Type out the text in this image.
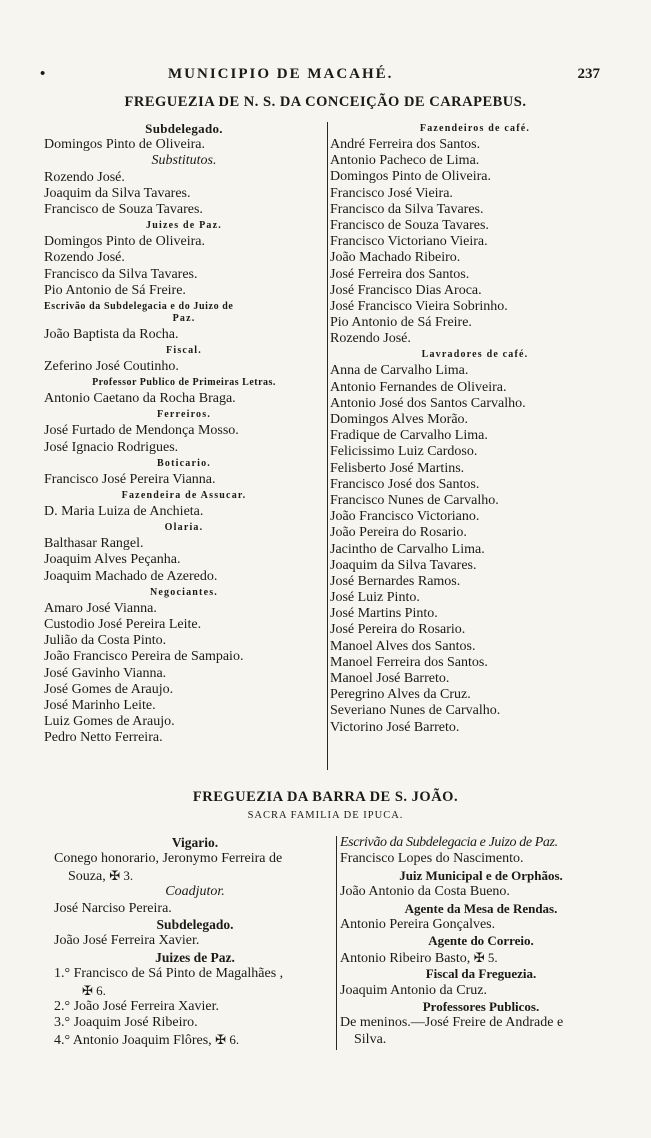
•	MUNICIPIO DE MACAHÉ.	237
FREGUEZIA DE N. S. DA CONCEIÇÃO DE CARAPEBUS.
Subdelegado.
Domingos Pinto de Oliveira.
Substitutos.
Rozendo José.
Joaquim da Silva Tavares.
Francisco de Souza Tavares.
Juizes de Paz.
Domingos Pinto de Oliveira.
Rozendo José.
Francisco da Silva Tavares.
Pio Antonio de Sá Freire.
Escrivão da Subdelegacia e do Juizo de
Paz.
João Baptista da Rocha.
Fiscal.
Zeferino José Coutinho.
Professor Publico de Primeiras Letras.
Antonio Caetano da Rocha Braga.
Ferreiros.
José Furtado de Mendonça Mosso.
José Ignacio Rodrigues.
Boticario.
Francisco José Pereira Vianna.
Fazendeira de Assucar.
D. Maria Luiza de Anchieta.
Olaria.
Balthasar Rangel.
Joaquim Alves Peçanha.
Joaquim Machado de Azeredo.
Negociantes.
Amaro José Vianna.
Custodio José Pereira Leite.
Julião da Costa Pinto.
João Francisco Pereira de Sampaio.
José Gavinho Vianna.
José Gomes de Araujo.
José Marinho Leite.
Luiz Gomes de Araujo.
Pedro Netto Ferreira.
Fazendeiros de café.
André Ferreira dos Santos.
Antonio Pacheco de Lima.
Domingos Pinto de Oliveira.
Francisco José Vieira.
Francisco da Silva Tavares.
Francisco de Souza Tavares.
Francisco Victoriano Vieira.
João Machado Ribeiro.
José Ferreira dos Santos.
José Francisco Dias Aroca.
José Francisco Vieira Sobrinho.
Pio Antonio de Sá Freire.
Rozendo José.
Lavradores de café.
Anna de Carvalho Lima.
Antonio Fernandes de Oliveira.
Antonio José dos Santos Carvalho.
Domingos Alves Morão.
Fradique de Carvalho Lima.
Felicissimo Luiz Cardoso.
Felisberto José Martins.
Francisco José dos Santos.
Francisco Nunes de Carvalho.
João Francisco Victoriano.
João Pereira do Rosario.
Jacintho de Carvalho Lima.
Joaquim da Silva Tavares.
José Bernardes Ramos.
José Luiz Pinto.
José Martins Pinto.
José Pereira do Rosario.
Manoel Alves dos Santos.
Manoel Ferreira dos Santos.
Manoel José Barreto.
Peregrino Alves da Cruz.
Severiano Nunes de Carvalho.
Victorino José Barreto.
FREGUEZIA DA BARRA DE S. JOÃO.
SACRA FAMILIA DE IPUCA.
Vigario.
Conego honorario, Jeronymo Ferreira de
Souza, ✠ 3.
Coadjutor.
José Narciso Pereira.
Subdelegado.
João José Ferreira Xavier.
Juizes de Paz.
1.° Francisco de Sá Pinto de Magalhães ,
✠ 6.
2.° João José Ferreira Xavier.
3.° Joaquim José Ribeiro.
4.° Antonio Joaquim Flôres, ✠ 6.
Escrivão da Subdelegacia e Juizo de Paz.
Francisco Lopes do Nascimento.
Juiz Municipal e de Orphãos.
João Antonio da Costa Bueno.
Agente da Mesa de Rendas.
Antonio Pereira Gonçalves.
Agente do Correio.
Antonio Ribeiro Basto, ✠ 5.
Fiscal da Freguezia.
Joaquim Antonio da Cruz.
Professores Publicos.
De meninos.—José Freire de Andrade e
Silva.
